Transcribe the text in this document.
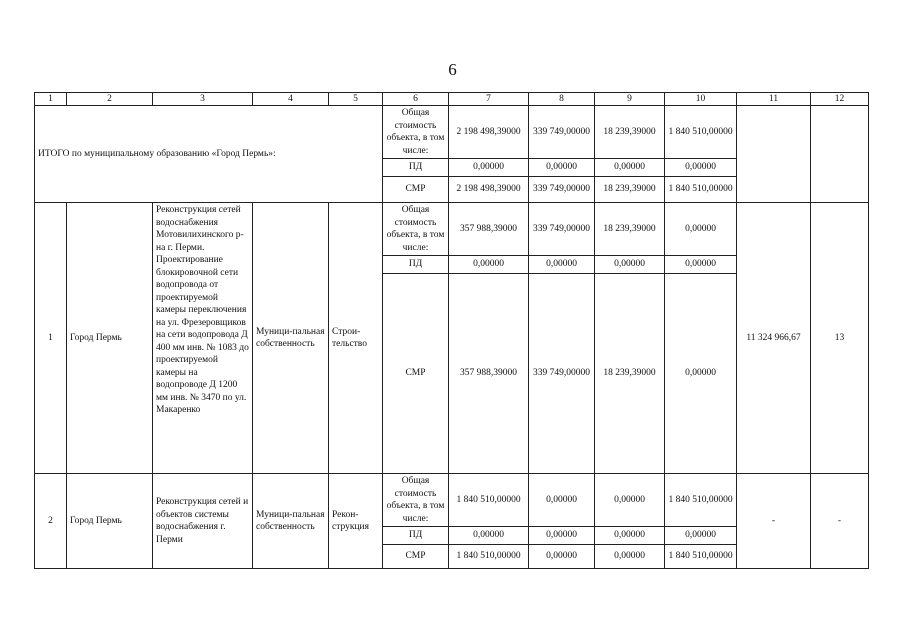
6
1	2	3	4	5	6	7	8	9	10	11	12
ИТОГО по муниципальному образованию «Город Пермь»:					Общая стоимость объекта, в том числе:	2 198 498,39000	339 749,00000	18 239,39000	1 840 510,00000		
					ПД	0,00000	0,00000	0,00000	0,00000		
					СМР	2 198 498,39000	339 749,00000	18 239,39000	1 840 510,00000		
1	Город Пермь	Реконструкция сетей водоснабжения Мотовилихинского р-на г. Перми. Проектирование блокировочной сети водопровода от проектируемой камеры переключения на ул. Фрезеровщиков на сети водопровода Д 400 мм инв. № 1083 до проектируемой камеры на водопроводе Д 1200 мм инв. № 3470 по ул. Макаренко	Муници-пальная собственность	Строи-тельство	Общая стоимость объекта, в том числе:	357 988,39000	339 749,00000	18 239,39000	0,00000	11 324 966,67	13
					ПД	0,00000	0,00000	0,00000	0,00000		
					СМР	357 988,39000	339 749,00000	18 239,39000	0,00000		
2	Город Пермь	Реконструкция сетей и объектов системы водоснабжения г. Перми	Муници-пальная собственность	Рекон-струкция	Общая стоимость объекта, в том числе:	1 840 510,00000	0,00000	0,00000	1 840 510,00000	-	-
					ПД	0,00000	0,00000	0,00000	0,00000		
					СМР	1 840 510,00000	0,00000	0,00000	1 840 510,00000		
